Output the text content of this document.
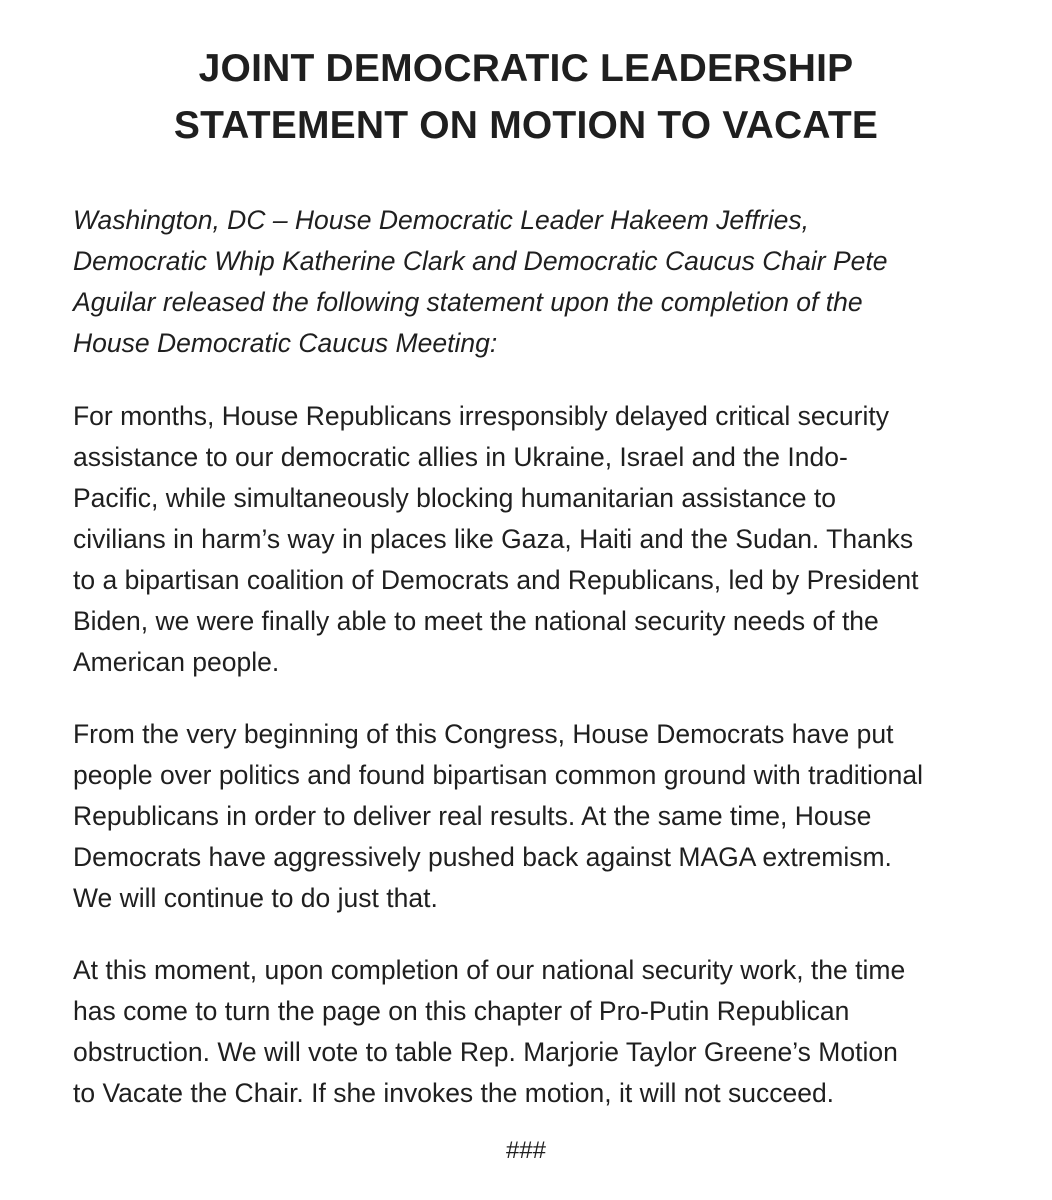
JOINT DEMOCRATIC LEADERSHIP
STATEMENT ON MOTION TO VACATE

Washington, DC – House Democratic Leader Hakeem Jeffries,
Democratic Whip Katherine Clark and Democratic Caucus Chair Pete
Aguilar released the following statement upon the completion of the
House Democratic Caucus Meeting:

For months, House Republicans irresponsibly delayed critical security
assistance to our democratic allies in Ukraine, Israel and the Indo-
Pacific, while simultaneously blocking humanitarian assistance to
civilians in harm’s way in places like Gaza, Haiti and the Sudan. Thanks
to a bipartisan coalition of Democrats and Republicans, led by President
Biden, we were finally able to meet the national security needs of the
American people.

From the very beginning of this Congress, House Democrats have put
people over politics and found bipartisan common ground with traditional
Republicans in order to deliver real results. At the same time, House
Democrats have aggressively pushed back against MAGA extremism.
We will continue to do just that.

At this moment, upon completion of our national security work, the time
has come to turn the page on this chapter of Pro-Putin Republican
obstruction. We will vote to table Rep. Marjorie Taylor Greene’s Motion
to Vacate the Chair. If she invokes the motion, it will not succeed.

###
